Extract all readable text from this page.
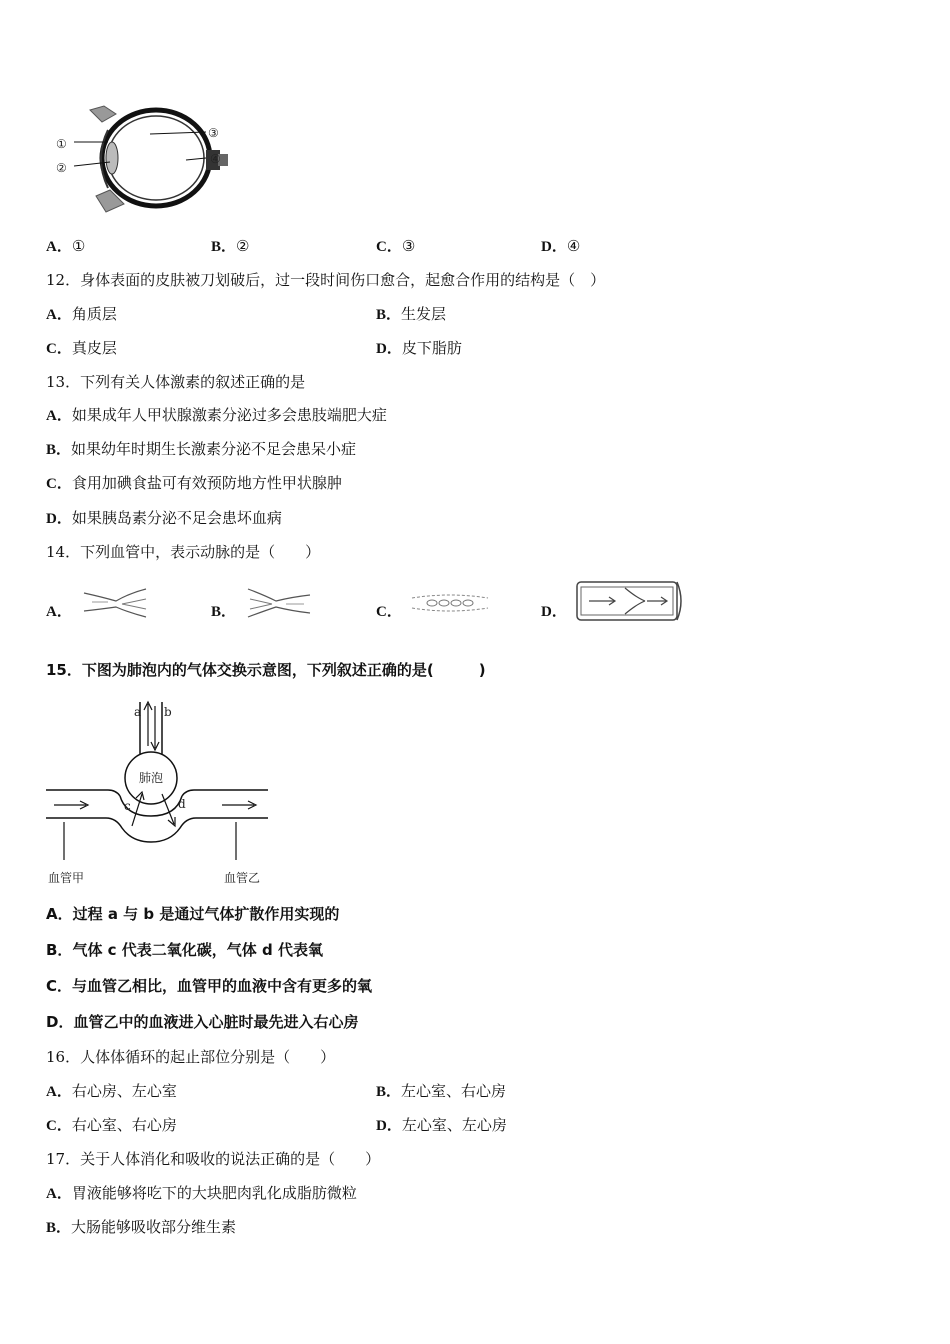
①
②
③
④
A．①	B．②	C．③	D．④
12．身体表面的皮肤被刀划破后，过一段时间伤口愈合，起愈合作用的结构是（　）
A．角质层	B．生发层
C．真皮层	D．皮下脂肪
13．下列有关人体激素的叙述正确的是
A．如果成年人甲状腺激素分泌过多会患肢端肥大症
B．如果幼年时期生长激素分泌不足会患呆小症
C．食用加碘食盐可有效预防地方性甲状腺肿
D．如果胰岛素分泌不足会患坏血病
14．下列血管中，表示动脉的是（　　）
A．	B．	C．	D．
15．下图为肺泡内的气体交换示意图，下列叙述正确的是(　　　)
a b
肺泡
c	d
血管甲	血管乙
A．过程 a 与 b 是通过气体扩散作用实现的
B．气体 c 代表二氧化碳，气体 d 代表氧
C．与血管乙相比，血管甲的血液中含有更多的氧
D．血管乙中的血液进入心脏时最先进入右心房
16．人体体循环的起止部位分别是（　　）
A．右心房、左心室	B．左心室、右心房
C．右心室、右心房	D．左心室、左心房
17．关于人体消化和吸收的说法正确的是（　　）
A．胃液能够将吃下的大块肥肉乳化成脂肪微粒
B．大肠能够吸收部分维生素
